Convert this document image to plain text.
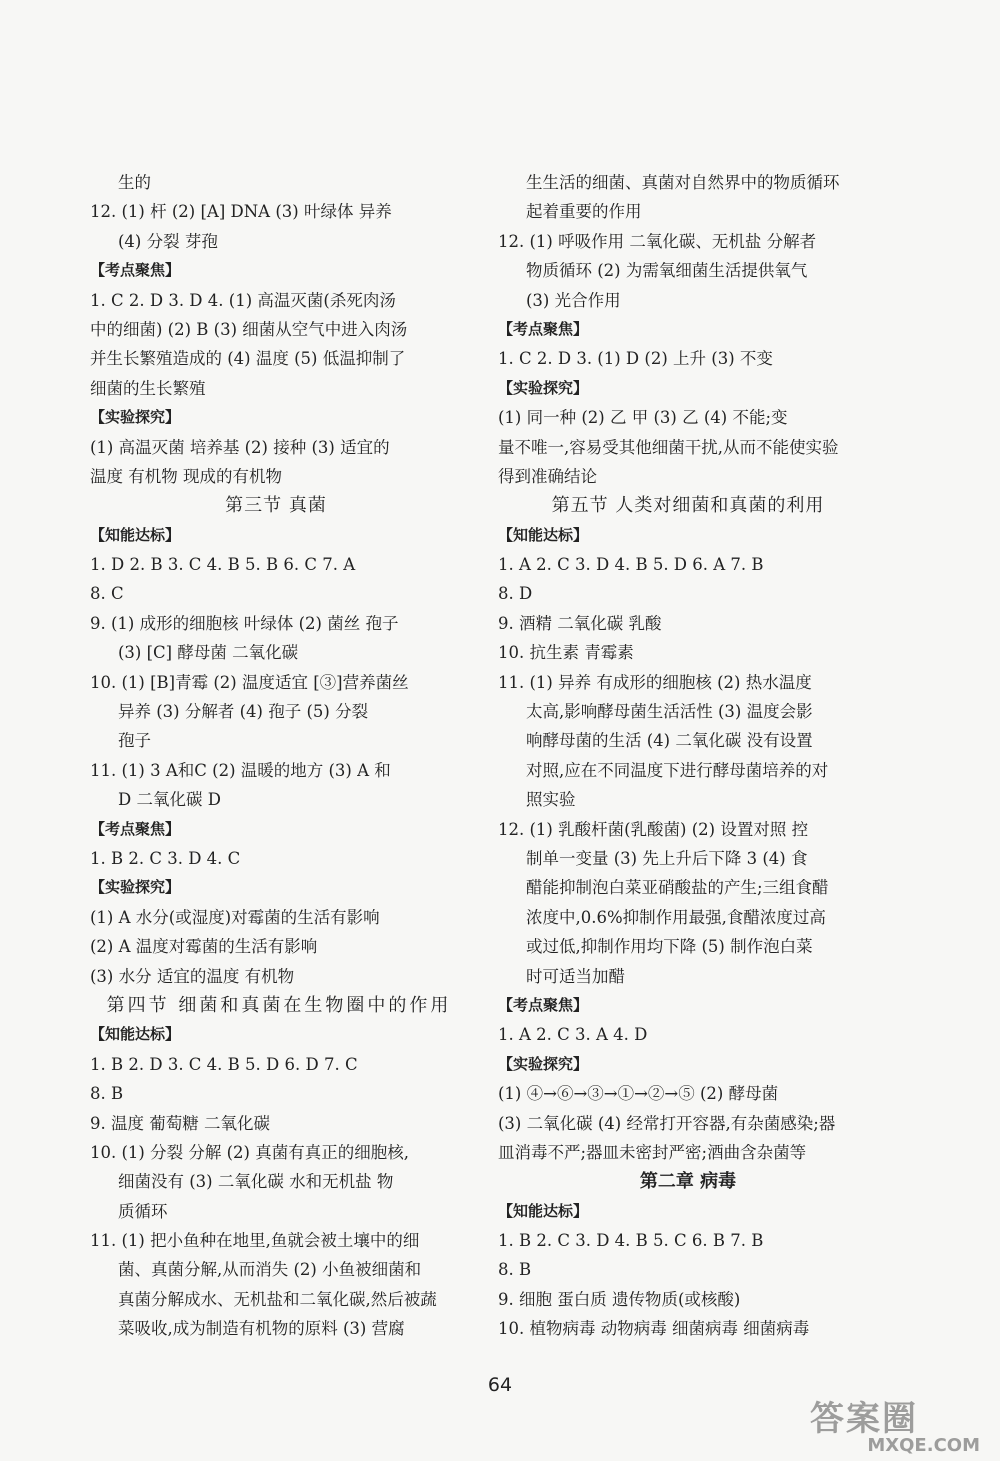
生的
12. (1) 杆 (2) [A] DNA (3) 叶绿体 异养
(4) 分裂 芽孢
【考点聚焦】
1. C 2. D 3. D 4. (1) 高温灭菌(杀死肉汤
中的细菌) (2) B (3) 细菌从空气中进入肉汤
并生长繁殖造成的 (4) 温度 (5) 低温抑制了
细菌的生长繁殖
【实验探究】
(1) 高温灭菌 培养基 (2) 接种 (3) 适宜的
温度 有机物 现成的有机物
第三节 真菌
【知能达标】
1. D 2. B 3. C 4. B 5. B 6. C 7. A
8. C
9. (1) 成形的细胞核 叶绿体 (2) 菌丝 孢子
(3) [C] 酵母菌 二氧化碳
10. (1) [B]青霉 (2) 温度适宜 [③]营养菌丝
异养 (3) 分解者 (4) 孢子 (5) 分裂
孢子
11. (1) 3 A和C (2) 温暖的地方 (3) A 和
D 二氧化碳 D
【考点聚焦】
1. B 2. C 3. D 4. C
【实验探究】
(1) A 水分(或湿度)对霉菌的生活有影响
(2) A 温度对霉菌的生活有影响
(3) 水分 适宜的温度 有机物
第四节 细菌和真菌在生物圈中的作用
【知能达标】
1. B 2. D 3. C 4. B 5. D 6. D 7. C
8. B
9. 温度 葡萄糖 二氧化碳
10. (1) 分裂 分解 (2) 真菌有真正的细胞核,
细菌没有 (3) 二氧化碳 水和无机盐 物
质循环
11. (1) 把小鱼种在地里,鱼就会被土壤中的细
菌、真菌分解,从而消失 (2) 小鱼被细菌和
真菌分解成水、无机盐和二氧化碳,然后被蔬
菜吸收,成为制造有机物的原料 (3) 营腐
生生活的细菌、真菌对自然界中的物质循环
起着重要的作用
12. (1) 呼吸作用 二氧化碳、无机盐 分解者
物质循环 (2) 为需氧细菌生活提供氧气
(3) 光合作用
【考点聚焦】
1. C 2. D 3. (1) D (2) 上升 (3) 不变
【实验探究】
(1) 同一种 (2) 乙 甲 (3) 乙 (4) 不能;变
量不唯一,容易受其他细菌干扰,从而不能使实验
得到准确结论
第五节 人类对细菌和真菌的利用
【知能达标】
1. A 2. C 3. D 4. B 5. D 6. A 7. B
8. D
9. 酒精 二氧化碳 乳酸
10. 抗生素 青霉素
11. (1) 异养 有成形的细胞核 (2) 热水温度
太高,影响酵母菌生活活性 (3) 温度会影
响酵母菌的生活 (4) 二氧化碳 没有设置
对照,应在不同温度下进行酵母菌培养的对
照实验
12. (1) 乳酸杆菌(乳酸菌) (2) 设置对照 控
制单一变量 (3) 先上升后下降 3 (4) 食
醋能抑制泡白菜亚硝酸盐的产生;三组食醋
浓度中,0.6%抑制作用最强,食醋浓度过高
或过低,抑制作用均下降 (5) 制作泡白菜
时可适当加醋
【考点聚焦】
1. A 2. C 3. A 4. D
【实验探究】
(1) ④→⑥→③→①→②→⑤ (2) 酵母菌
(3) 二氧化碳 (4) 经常打开容器,有杂菌感染;器
皿消毒不严;器皿未密封严密;酒曲含杂菌等
第二章 病毒
【知能达标】
1. B 2. C 3. D 4. B 5. C 6. B 7. B
8. B
9. 细胞 蛋白质 遗传物质(或核酸)
10. 植物病毒 动物病毒 细菌病毒 细菌病毒
64
答案圈
MXQE.COM
